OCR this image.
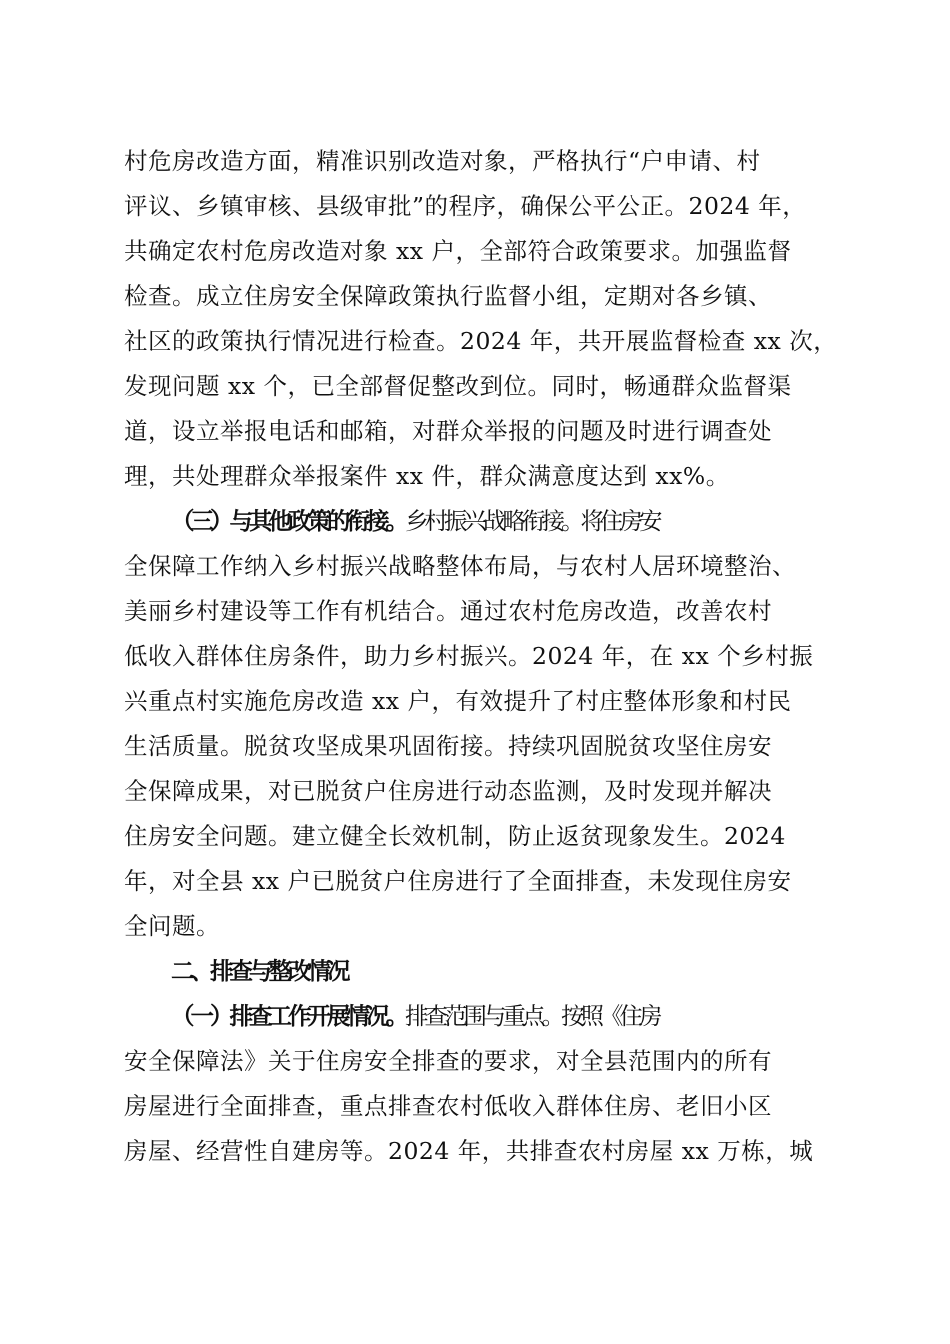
村危房改造方面，精准识别改造对象，严格执行“户申请、村

评议、乡镇审核、县级审批”的程序，确保公平公正。2024 年，

共确定农村危房改造对象 xx 户，全部符合政策要求。加强监督

检查。成立住房安全保障政策执行监督小组，定期对各乡镇、

社区的政策执行情况进行检查。2024 年，共开展监督检查 xx 次，

发现问题 xx 个，已全部督促整改到位。同时，畅通群众监督渠

道，设立举报电话和邮箱，对群众举报的问题及时进行调查处

理，共处理群众举报案件 xx 件，群众满意度达到 xx%。

（三）与其他政策的衔接。乡村振兴战略衔接。将住房安

全保障工作纳入乡村振兴战略整体布局，与农村人居环境整治、

美丽乡村建设等工作有机结合。通过农村危房改造，改善农村

低收入群体住房条件，助力乡村振兴。2024 年，在 xx 个乡村振

兴重点村实施危房改造 xx 户，有效提升了村庄整体形象和村民

生活质量。脱贫攻坚成果巩固衔接。持续巩固脱贫攻坚住房安

全保障成果，对已脱贫户住房进行动态监测，及时发现并解决

住房安全问题。建立健全长效机制，防止返贫现象发生。2024

年，对全县 xx 户已脱贫户住房进行了全面排查，未发现住房安

全问题。

二、排查与整改情况

（一）排查工作开展情况。排查范围与重点。按照《住房

安全保障法》关于住房安全排查的要求，对全县范围内的所有

房屋进行全面排查，重点排查农村低收入群体住房、老旧小区

房屋、经营性自建房等。2024 年，共排查农村房屋 xx 万栋，城
